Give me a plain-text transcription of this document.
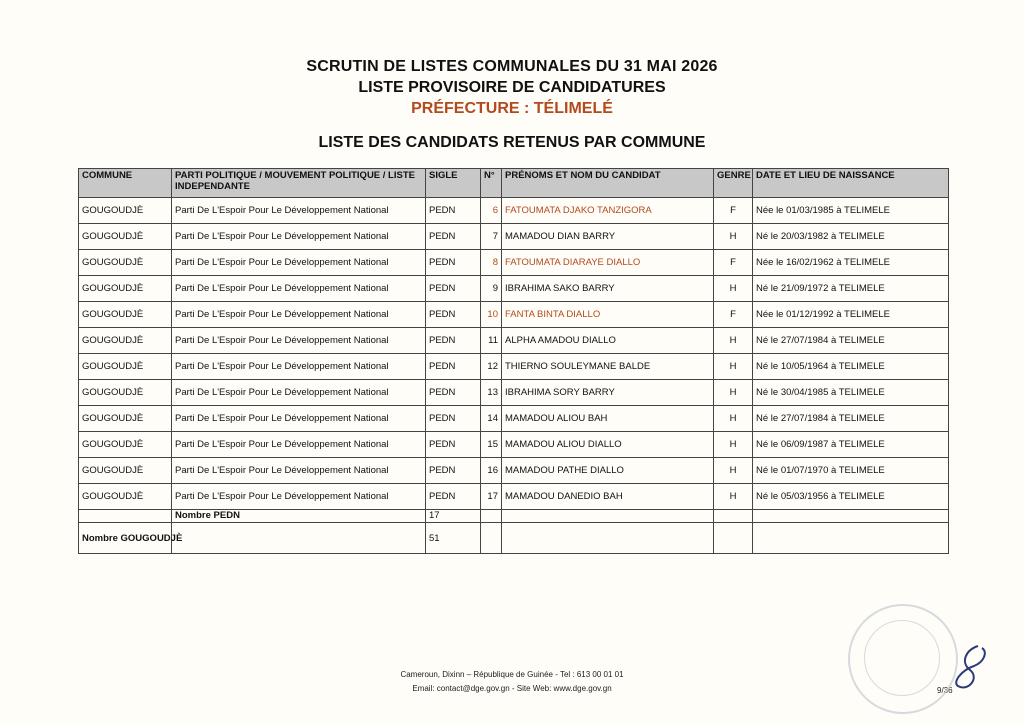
SCRUTIN DE LISTES COMMUNALES DU 31 MAI 2026
LISTE PROVISOIRE DE CANDIDATURES
PRÉFECTURE : TÉLIMELÉ
LISTE DES CANDIDATS RETENUS PAR COMMUNE
COMMUNE	PARTI POLITIQUE / MOUVEMENT POLITIQUE / LISTE INDEPENDANTE	SIGLE	N°	PRÉNOMS ET NOM DU CANDIDAT	GENRE	DATE ET LIEU DE NAISSANCE
GOUGOUDJÈ	Parti De L'Espoir Pour Le Développement National	PEDN	6	FATOUMATA DJAKO TANZIGORA	F	Née le 01/03/1985 à TELIMELE
GOUGOUDJÈ	Parti De L'Espoir Pour Le Développement National	PEDN	7	MAMADOU DIAN BARRY	H	Né le 20/03/1982 à TELIMELE
GOUGOUDJÈ	Parti De L'Espoir Pour Le Développement National	PEDN	8	FATOUMATA DIARAYE DIALLO	F	Née le 16/02/1962 à TELIMELE
GOUGOUDJÈ	Parti De L'Espoir Pour Le Développement National	PEDN	9	IBRAHIMA SAKO BARRY	H	Né le 21/09/1972 à TELIMELE
GOUGOUDJÈ	Parti De L'Espoir Pour Le Développement National	PEDN	10	FANTA BINTA DIALLO	F	Née le 01/12/1992 à TELIMELE
GOUGOUDJÈ	Parti De L'Espoir Pour Le Développement National	PEDN	11	ALPHA AMADOU DIALLO	H	Né le 27/07/1984 à TELIMELE
GOUGOUDJÈ	Parti De L'Espoir Pour Le Développement National	PEDN	12	THIERNO SOULEYMANE BALDE	H	Né le 10/05/1964 à TELIMELE
GOUGOUDJÈ	Parti De L'Espoir Pour Le Développement National	PEDN	13	IBRAHIMA SORY BARRY	H	Né le 30/04/1985 à TELIMELE
GOUGOUDJÈ	Parti De L'Espoir Pour Le Développement National	PEDN	14	MAMADOU ALIOU BAH	H	Né le 27/07/1984 à TELIMELE
GOUGOUDJÈ	Parti De L'Espoir Pour Le Développement National	PEDN	15	MAMADOU ALIOU DIALLO	H	Né le 06/09/1987 à TELIMELE
GOUGOUDJÈ	Parti De L'Espoir Pour Le Développement National	PEDN	16	MAMADOU PATHE DIALLO	H	Né le 01/07/1970 à TELIMELE
GOUGOUDJÈ	Parti De L'Espoir Pour Le Développement National	PEDN	17	MAMADOU DANEDIO BAH	H	Né le 05/03/1956 à TELIMELE
	Nombre PEDN	17				
Nombre GOUGOUDJÈ		51				
Cameroun, Dixinn – République de Guinée - Tel : 613 00 01 01
Email: contact@dge.gov.gn - Site Web: www.dge.gov.gn	9/36
